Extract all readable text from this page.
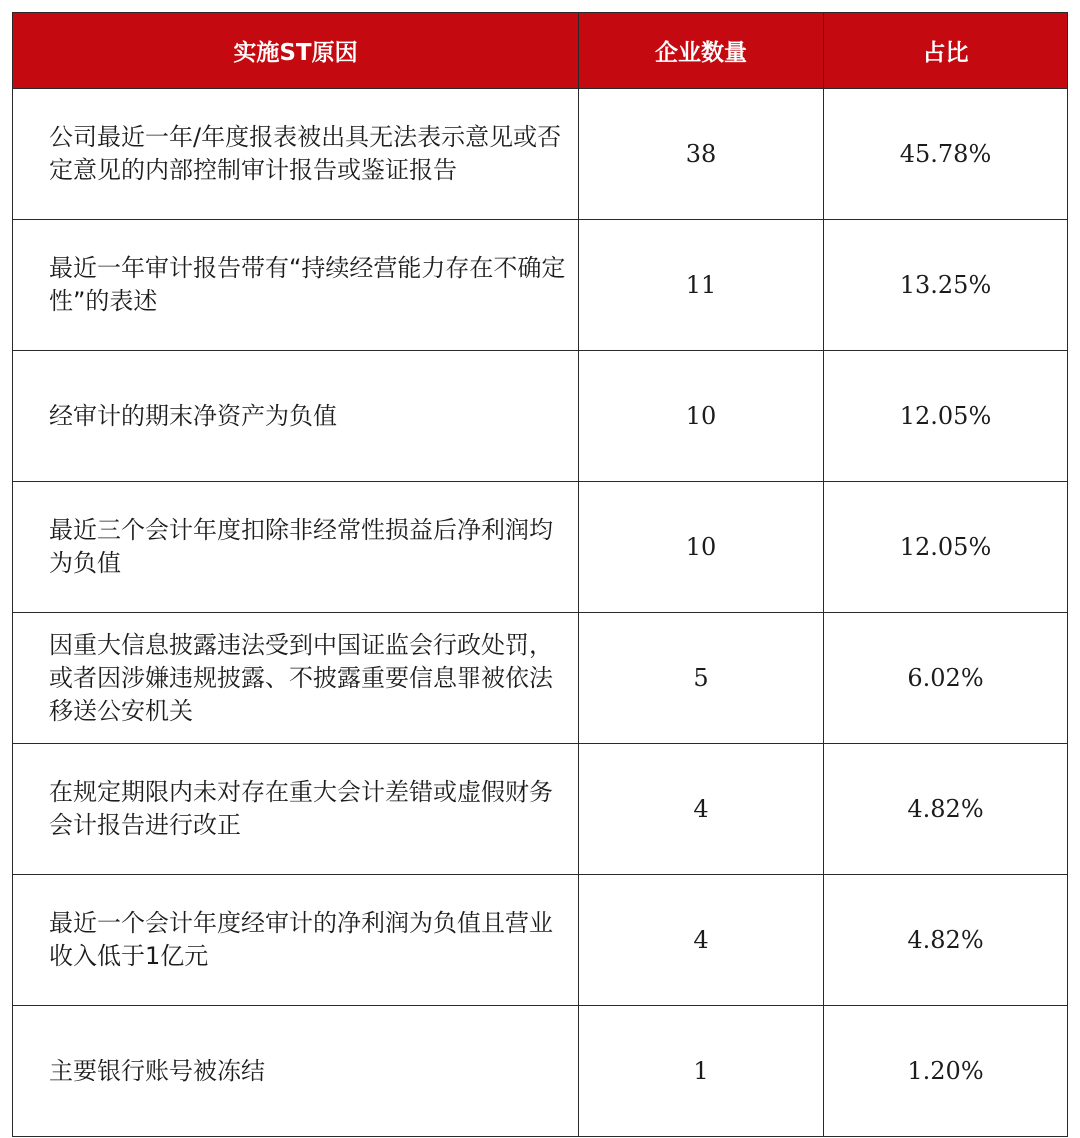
实施ST原因	企业数量	占比
公司最近一年/年度报表被出具无法表示意见或否定意见的内部控制审计报告或鉴证报告	38	45.78%
最近一年审计报告带有“持续经营能力存在不确定性”的表述	11	13.25%
经审计的期末净资产为负值	10	12.05%
最近三个会计年度扣除非经常性损益后净利润均为负值	10	12.05%
因重大信息披露违法受到中国证监会行政处罚，或者因涉嫌违规披露、不披露重要信息罪被依法移送公安机关	5	6.02%
在规定期限内未对存在重大会计差错或虚假财务会计报告进行改正	4	4.82%
最近一个会计年度经审计的净利润为负值且营业收入低于1亿元	4	4.82%
主要银行账号被冻结	1	1.20%
